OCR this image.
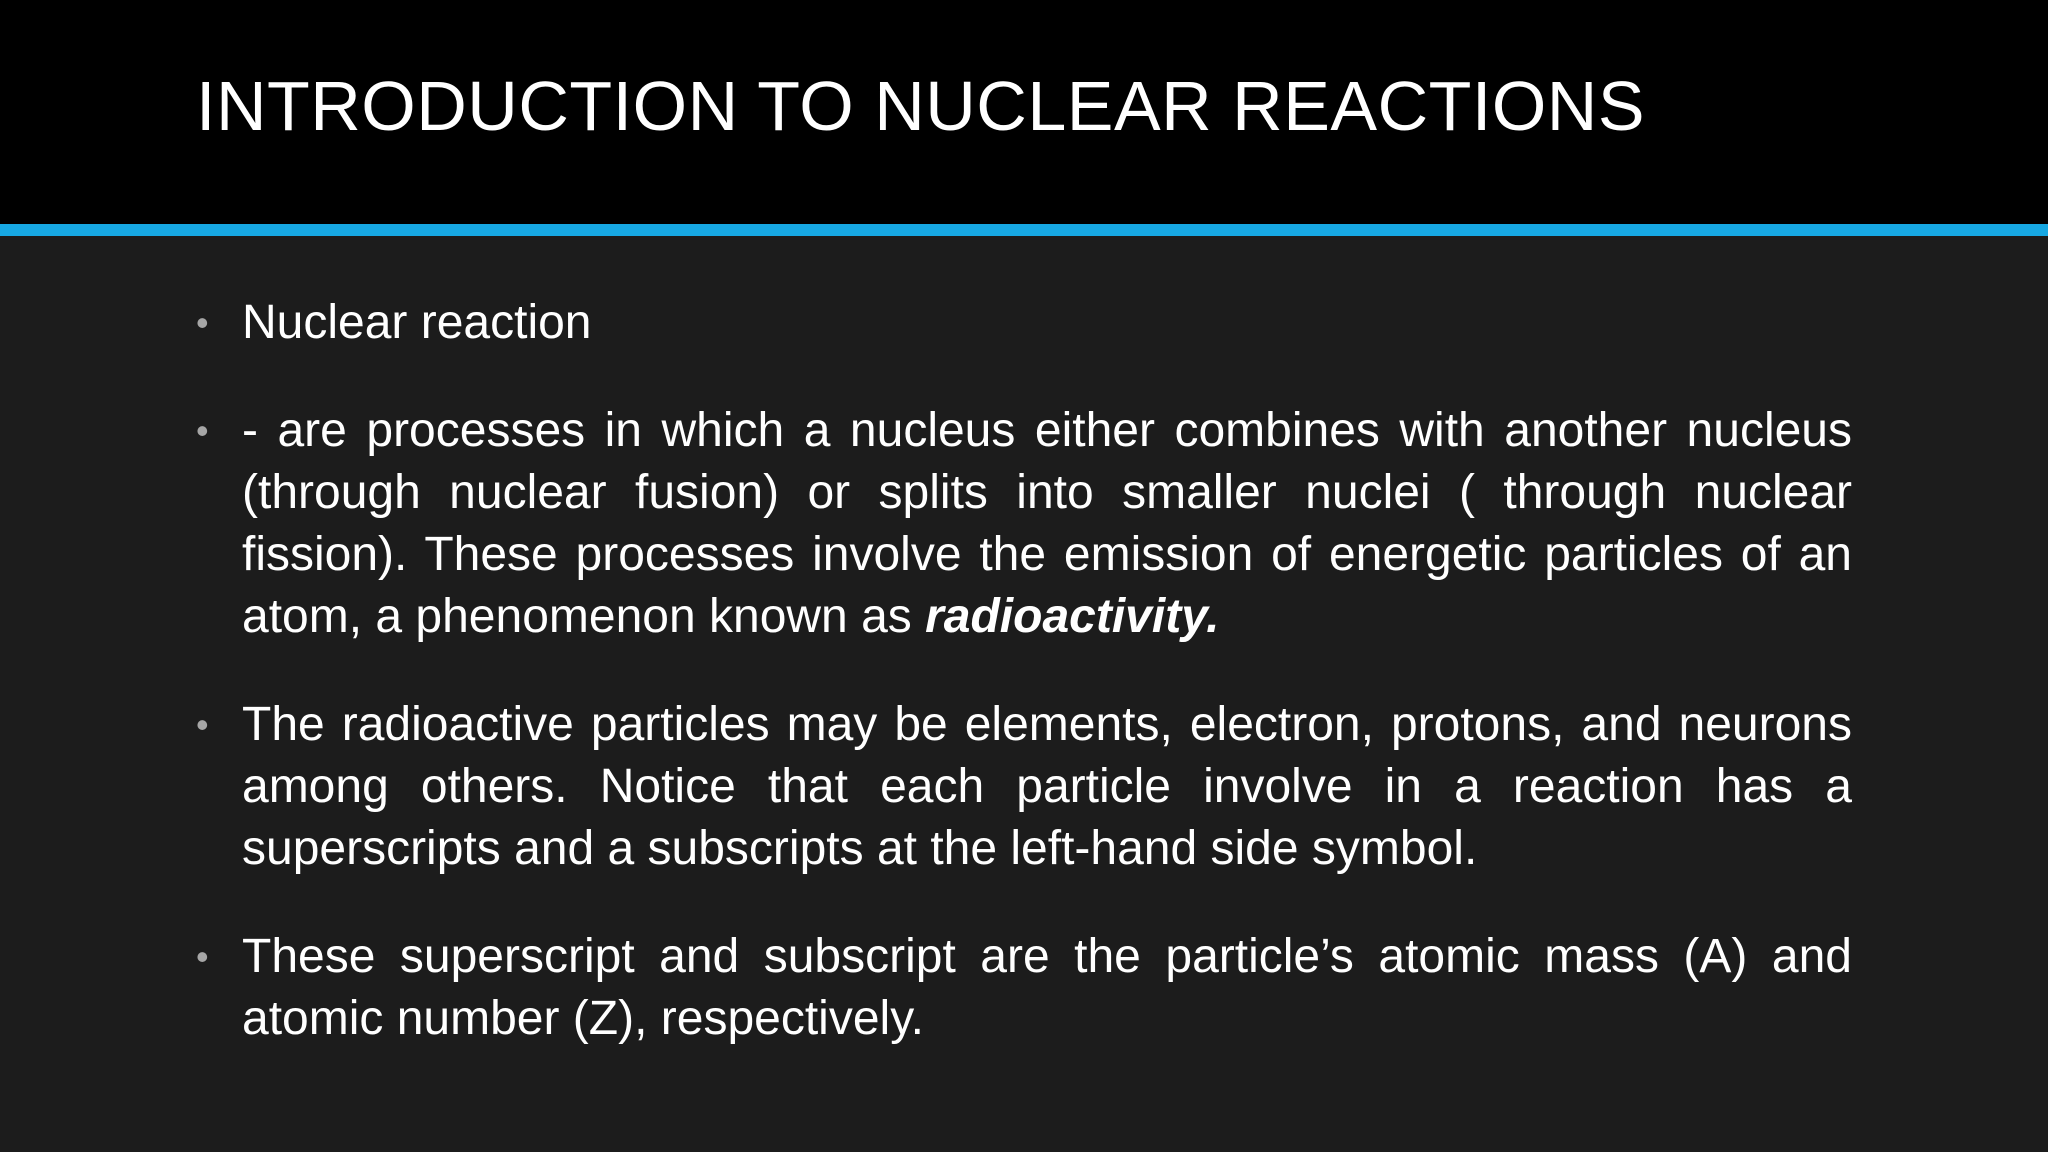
INTRODUCTION TO NUCLEAR REACTIONS
• Nuclear reaction
• - are processes in which a nucleus either combines with another nucleus (through nuclear fusion) or splits into smaller nuclei ( through nuclear fission). These processes involve the emission of energetic particles of an atom, a phenomenon known as radioactivity.
• The radioactive particles may be elements, electron, protons, and neurons among others. Notice that each particle involve in a reaction has a superscripts and a subscripts at the left-hand side symbol.
• These superscript and subscript are the particle’s atomic mass (A) and atomic number (Z), respectively.
